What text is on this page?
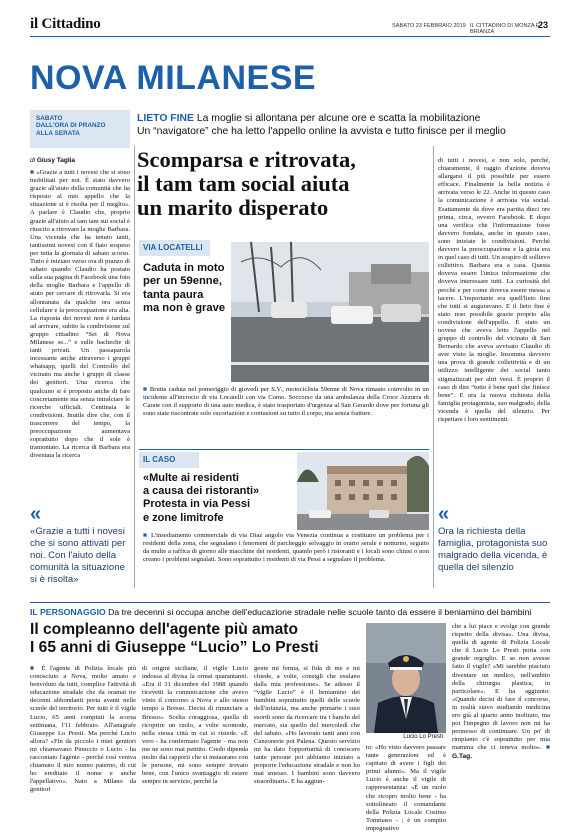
il Cittadino	SABATO 23 FEBBRAIO 2019 IL CITTADINO DI MONZA E BRIANZA
23
NOVA MILANESE
SABATO
DALL'ORA DI PRANZO
ALLA SERATA
LIETO FINE La moglie si allontana per alcune ore e scatta la mobilitazione
Un “navigatore” che ha letto l'appello online la avvista e tutto finisce per il meglio
Scomparsa e ritrovata,
il tam tam social aiuta
un marito disperato
di Giusy Taglia
■ «Grazie a tutti i novesi che si sono mobilitati per noi. È stato davvero grazie all'aiuto della comunità che ha risposto al mio appello che la situazione si è risolta per il meglio». A parlare è Claudio che, proprio grazie all'aiuto al tam tam sui social è riuscito a ritrovare la moglie Barbara. Una vicenda che ha tenuto tanti, tantissimi novesi con il fiato sospeso per tutta la giornata di sabato scorso. Tutto è iniziato verso ora di pranzo di sabato quando Claudio ha postato sulla sua pagina di Facebook una foto della moglie Barbara e l'appello di aiuto per cercare di ritrovarla. Si era allontanata da qualche ora senza cellulare e la preoccupazione era alta. La risposta dei novesi non è tardata ad arrivare, subito la condivisione sul gruppo cittadino “Sei di Nova Milanese se...” e sulle bacheche di tanti privati. Un passaparola incessante anche attraverso i gruppi whatsapp, quelli del Controllo del vicinato ma anche i gruppi di classe dei genitori. Una ricerca che qualcuno si è proposto anche di fare concretamente ma senza intralciare le ricerche ufficiali. Centinaia le condivisioni. Inutile dire che, con il trascorrere del tempo, la preoccupazione aumentava soprattutto dopo che il sole è tramontato. La ricerca di Barbara era diventata la ricerca
«
«Grazie a tutti i novesi che si sono attivati per noi. Con l'aiuto della comunità la situazione si è risolta»
VIA LOCATELLI
Caduta in moto
per un 59enne,
tanta paura
ma non è grave
■ Brutta caduta nel pomeriggio di giovedì per S.V., motociclista 59enne di Nova rimasto coinvolto in un incidente all'incrocio di via Locatelli con via Como. Soccorso da una ambulanza della Croce Azzurra di Carate con il supporto di una auto medica, è stato trasportato d'urgenza al San Gerardo dove per fortuna gli sono state riscontrate solo escoriazioni e contusioni su tutto il corpo, ma senza fratture.
IL CASO
«Multe ai residenti
a causa dei ristoranti»
Protesta in via Pessi
e zone limitrofe
■ L'insediamento commerciale di via Diaz angolo via Venezia continua a costituire un problema per i residenti della zona, che segnalano i fenomeni di parcheggio selvaggio in orario serale e notturno, seguito da multe a raffica di giorno alle macchine dei residenti, quando però i ristoranti e i locali sono chiusi o non creano i problemi segnalati. Sono soprattutto i residenti di via Pessi a segnalare il problema.
di tutti i novesi, e non solo, perché, chiaramente, il raggio d'azione doveva allargarsi il più possibile per essere efficace. Finalmente la bella notizia è arrivata verso le 22. Anche in questo caso la comunicazione è arrivata via social. Esattamente da dove era partita dieci ore prima, circa, ovvero Facebook. E dopo una verifica che l'informazione fosse davvero fondata, anche in questo caso, sono iniziate le condivisioni. Perché davvero la preoccupazione e la gioia era in quel caso di tutti. Un sospiro di sollievo collettivo. Barbara era a casa. Questa doveva essere l'unica informazione che doveva interessare tutti. La curiosità del perché e per come doveva essere messa a tacere. L'importante era quell'lieto fine che tutti si auguravano. E il lieto fine è stato reso possibile grazie proprio alla condivisione dell'appello. È stato un novese che aveva letto l'appello nel gruppo di controllo del vicinato di San Bernardo che aveva avvisato Claudio di aver visto la moglie. Insomma davvero una prova di grande collettività e di un utilizzo intelligente dei social tanto stigmatizzati per altri versi. È proprio il caso di dire “tutto è bene quel che finisce bene”. E ora la nuova richiesta della famiglia protagonista, suo malgrado, della vicenda è quella del silenzio. Per rispettare i loro sentimenti.
«
Ora la richiesta della famiglia, protagonista suo malgrado della vicenda, è quella del silenzio
IL PERSONAGGIO Da tre decenni si occupa anche dell'educazione stradale nelle scuole tanto da essere il beniamino dei bambini
Il compleanno dell'agente più amato
I 65 anni di Giuseppe “Lucio” Lo Presti
■ È l'agente di Polizia locale più conosciuto a Nova, molto amato e benvoluto da tutti, complice l'attività di educazione stradale che da oramai tre decenni abbondanti porta avanti nelle scuole del territorio. Per tutti è il vigile Lucio, 65 anni compiuti la scorsa settimana, l'11 febbraio. All'anagrafe Giuseppe Lo Presti. Ma perché Lucio allora? «Fin da piccolo i miei genitori mi chiamavano Pinuccio o Lucio - ha raccontato l'agente - perché così veniva chiamato il mio nonno paterno, di cui ho ereditato il nome e anche l'appellativo». Nato a Milano da genitori
di origini siciliane, il vigile Lucio indossa al divisa la ormai quarantanni. «Era il 31 dicembre del 1988 quando ricevetti la comunicazione che avevo vinto il concorso a Nova e allo stesso tempo a Bresso. Decisi di rinunciare a Bresso». Scelta coraggiosa, quella di ricoprire un ruolo, a volte scomodo, nella stessa città in cui si risiede. «È vero - ha confermato l'agente - ma non me ne sono mai pentito. Credo dipenda molto dai rapporti che si instaurano con le persone, mi sono sempre trovato bene, con l'unico svantaggio di essere sempre in servizio, perché la
gente mi ferma, si fida di me e mi chiede, a volte, consigli che esulano dalla mia professione». Se adesso il “vigile Lucio” è il beniamino dei bambini soprattutto quelli delle scuole dell'infanzia, ma anche primarie i suoi esordi sono da ricercare tra i banchi del mercato, sia quello del mercoledì che del sabato. «Ho lavorato tanti anni con Canzonerie poi Palena. Questo servizio mi ha dato l'opportunità di conoscere tante persone poi abbiamo iniziato a proporre l'educazione stradale e non ho mai smesso. I bambini sono davvero straordinari». E ha aggiun-
Lucio Lo Presti
to: «Ho visto davvero passare tante generazioni ed è capitato di avere i figli dei primi alunni». Ma il vigile Lucio è anche il vigile di rappresentanza: «È un ruolo che ricopro molto bene - ha sottolineato il comandante della Polizia Locale Cosimo Tommaso - ; è un compito impegnativo
che a lui piace e svolge con grande rispetto della divisa». Una divisa, quella di agente di Polizia Locale che il Lucio Lo Presti porta con grande orgoglio. E se non avesse fatto il vigile? «Mi sarebbe piaciuto diventare un medico, nell'ambito della chirurgia plastica, in particolare». E ha aggiunto: «Quando decisi di fare il concorso, in realtà stavo studiando medicina ero già al quarto anno inoltrato, ma poi l'impegno di lavoro non mi ha permesso di continuare. Un po' di rimpianto c'è soprattutto per mia mamma che ci teneva molto». ■ G.Tag.
